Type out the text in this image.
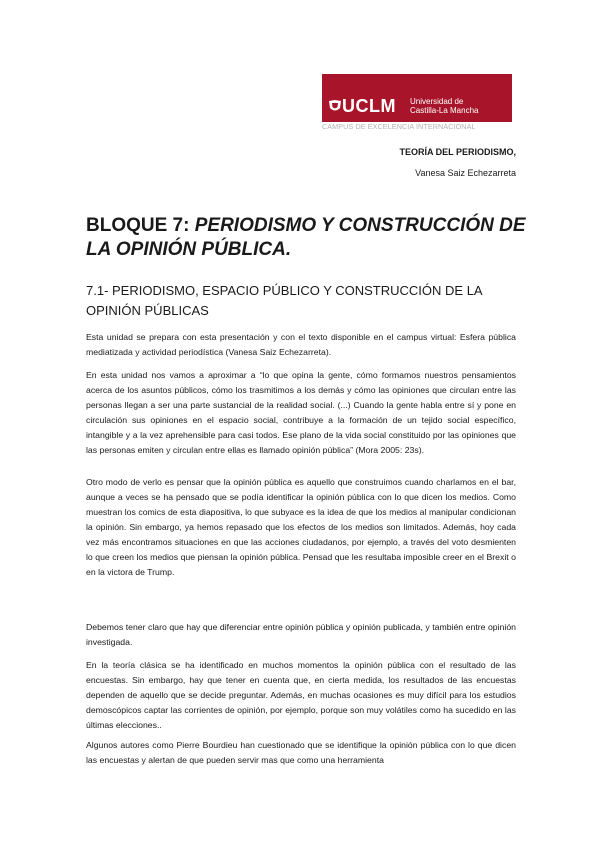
UCLM Universidad de
Castilla-La Mancha
CAMPUS DE EXCELENCIA INTERNACIONAL
TEORÍA DEL PERIODISMO,
Vanesa Saiz Echezarreta
BLOQUE 7: PERIODISMO Y CONSTRUCCIÓN DE LA OPINIÓN PÚBLICA.
7.1- PERIODISMO, ESPACIO PÚBLICO Y CONSTRUCCIÓN DE LA OPINIÓN PÚBLICAS

Esta unidad se prepara con esta presentación y con el texto disponible en el campus virtual: Esfera pública mediatizada y actividad periodística (Vanesa Saiz Echezarreta).

En esta unidad nos vamos a aproximar a “lo que opina la gente, cómo formamos nuestros pensamientos acerca de los asuntos públicos, cómo los trasmitimos a los demás y cómo las opiniones que circulan entre las personas llegan a ser una parte sustancial de la realidad social. (...) Cuando la gente habla entre sí y pone en circulación sus opiniones en el espacio social, contribuye a la formación de un tejido social específico, intangible y a la vez aprehensible para casi todos. Ese plano de la vida social constituido por las opiniones que las personas emiten y circulan entre ellas es llamado opinión pública” (Mora 2005: 23s).

Otro modo de verlo es pensar que la opinión pública es aquello que construimos cuando charlamos en el bar, aunque a veces se ha pensado que se podía identificar la opinión pública con lo que dicen los medios. Como muestran los comics de esta diapositiva, lo que subyace es la idea de que los medios al manipular condicionan la opinión. Sin embargo, ya hemos repasado que los efectos de los medios son limitados. Además, hoy cada vez más encontramos situaciones en que las acciones ciudadanos, por ejemplo, a través del voto desmienten lo que creen los medios que piensan la opinión pública. Pensad que les resultaba imposible creer en el Brexit o en la victora de Trump.

Debemos tener claro que hay que diferenciar entre opinión pública y opinión publicada, y también entre opinión investigada.

En la teoría clásica se ha identificado en muchos momentos la opinión pública con el resultado de las encuestas. Sin embargo, hay que tener en cuenta que, en cierta medida, los resultados de las encuestas dependen de aquello que se decide preguntar. Además, en muchas ocasiones es muy difícil para los estudios demoscópicos captar las corrientes de opinión, por ejemplo, porque son muy volátiles como ha sucedido en las últimas elecciones..

Algunos autores como Pierre Bourdieu han cuestionado que se identifique la opinión pública con lo que dicen las encuestas y alertan de que pueden servir mas que como una herramienta
